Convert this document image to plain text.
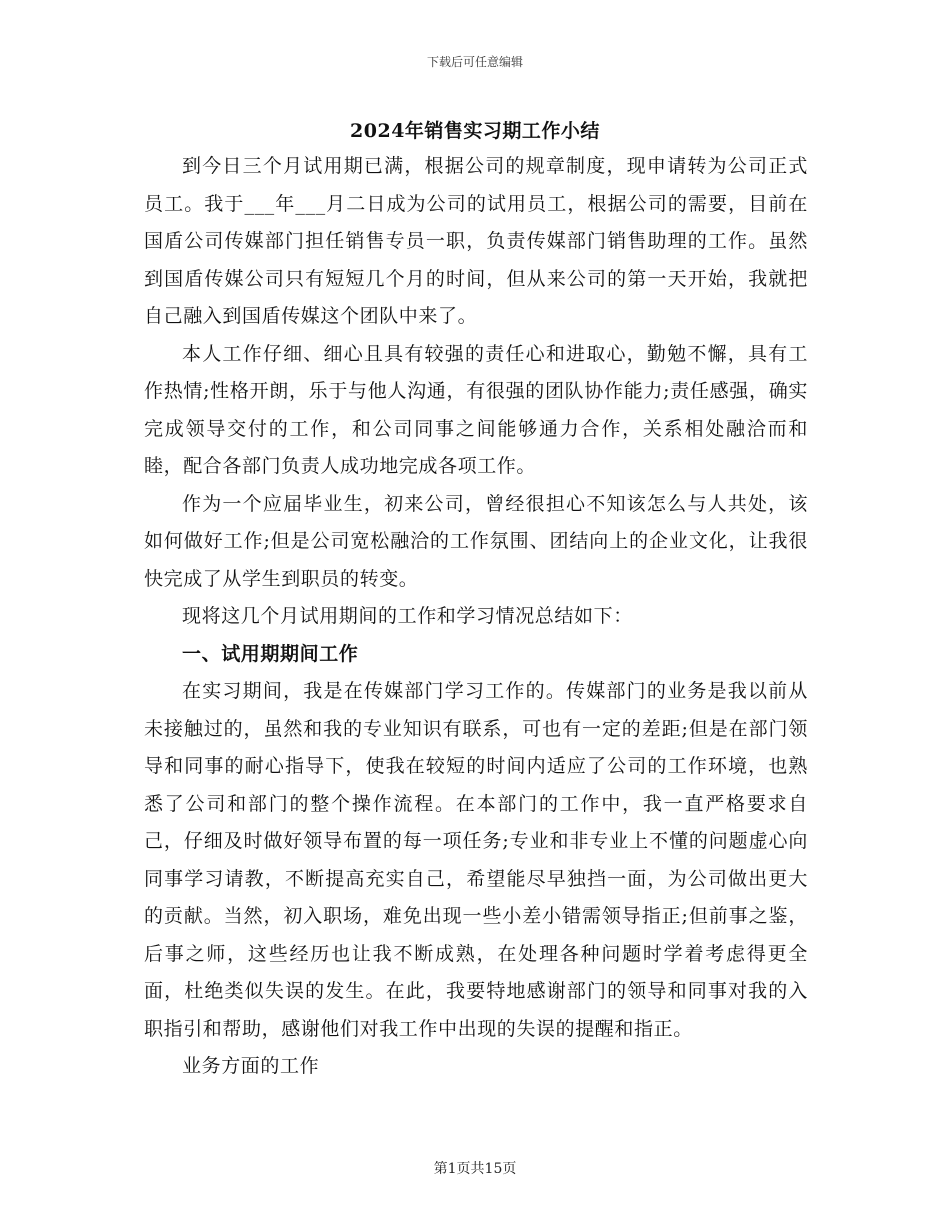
下载后可任意编辑
2024年销售实习期工作小结

到今日三个月试用期已满，根据公司的规章制度，现申请转为公司正式员工。我于___年___月二日成为公司的试用员工，根据公司的需要，目前在国盾公司传媒部门担任销售专员一职，负责传媒部门销售助理的工作。虽然到国盾传媒公司只有短短几个月的时间，但从来公司的第一天开始，我就把自己融入到国盾传媒这个团队中来了。

本人工作仔细、细心且具有较强的责任心和进取心，勤勉不懈，具有工作热情;性格开朗，乐于与他人沟通，有很强的团队协作能力;责任感强，确实完成领导交付的工作，和公司同事之间能够通力合作，关系相处融洽而和睦，配合各部门负责人成功地完成各项工作。

作为一个应届毕业生，初来公司，曾经很担心不知该怎么与人共处，该如何做好工作;但是公司宽松融洽的工作氛围、团结向上的企业文化，让我很快完成了从学生到职员的转变。

现将这几个月试用期间的工作和学习情况总结如下：

一、试用期期间工作

在实习期间，我是在传媒部门学习工作的。传媒部门的业务是我以前从未接触过的，虽然和我的专业知识有联系，可也有一定的差距;但是在部门领导和同事的耐心指导下，使我在较短的时间内适应了公司的工作环境，也熟悉了公司和部门的整个操作流程。在本部门的工作中，我一直严格要求自己，仔细及时做好领导布置的每一项任务;专业和非专业上不懂的问题虚心向同事学习请教，不断提高充实自己，希望能尽早独挡一面，为公司做出更大的贡献。当然，初入职场，难免出现一些小差小错需领导指正;但前事之鉴，后事之师，这些经历也让我不断成熟，在处理各种问题时学着考虑得更全面，杜绝类似失误的发生。在此，我要特地感谢部门的领导和同事对我的入职指引和帮助，感谢他们对我工作中出现的失误的提醒和指正。

业务方面的工作

第1页共15页
